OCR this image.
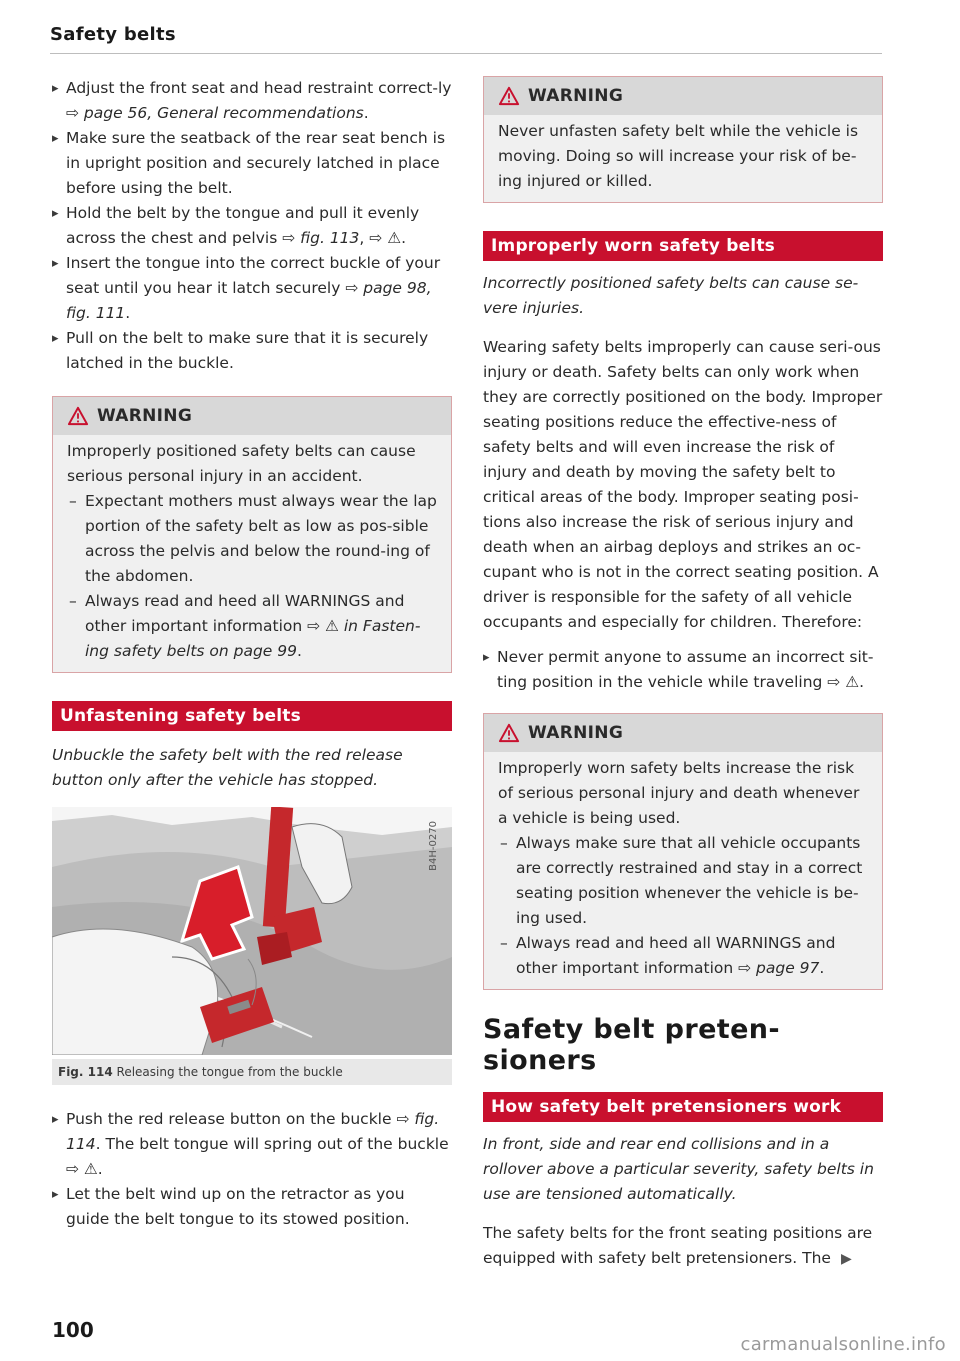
Safety belts
▸ Adjust the front seat and head restraint correct-ly ⇨ page 56, General recommendations.
▸ Make sure the seatback of the rear seat bench is in upright position and securely latched in place before using the belt.
▸ Hold the belt by the tongue and pull it evenly across the chest and pelvis ⇨ fig. 113, ⇨ ⚠.
▸ Insert the tongue into the correct buckle of your seat until you hear it latch securely ⇨ page 98, fig. 111.
▸ Pull on the belt to make sure that it is securely latched in the buckle.
WARNING
Improperly positioned safety belts can cause serious personal injury in an accident.
– Expectant mothers must always wear the lap portion of the safety belt as low as pos-sible across the pelvis and below the round-ing of the abdomen.
– Always read and heed all WARNINGS and other important information ⇨ ⚠ in Fasten-ing safety belts on page 99.
Unfastening safety belts
Unbuckle the safety belt with the red release button only after the vehicle has stopped.
B4H-0270
Fig. 114 Releasing the tongue from the buckle
▸ Push the red release button on the buckle ⇨ fig. 114. The belt tongue will spring out of the buckle ⇨ ⚠.
▸ Let the belt wind up on the retractor as you guide the belt tongue to its stowed position.
WARNING
Never unfasten safety belt while the vehicle is moving. Doing so will increase your risk of be-ing injured or killed.
Improperly worn safety belts
Incorrectly positioned safety belts can cause se-vere injuries.
Wearing safety belts improperly can cause seri-ous injury or death. Safety belts can only work when they are correctly positioned on the body. Improper seating positions reduce the effective-ness of safety belts and will even increase the risk of injury and death by moving the safety belt to critical areas of the body. Improper seating posi-tions also increase the risk of serious injury and death when an airbag deploys and strikes an oc-cupant who is not in the correct seating position. A driver is responsible for the safety of all vehicle occupants and especially for children. Therefore:
▸ Never permit anyone to assume an incorrect sit-ting position in the vehicle while traveling ⇨ ⚠.
WARNING
Improperly worn safety belts increase the risk of serious personal injury and death whenever a vehicle is being used.
– Always make sure that all vehicle occupants are correctly restrained and stay in a correct seating position whenever the vehicle is be-ing used.
– Always read and heed all WARNINGS and other important information ⇨ page 97.
Safety belt preten-sioners
How safety belt pretensioners work
In front, side and rear end collisions and in a rollover above a particular severity, safety belts in use are tensioned automatically.
The safety belts for the front seating positions are equipped with safety belt pretensioners. The ▶
100
carmanualsonline.info
